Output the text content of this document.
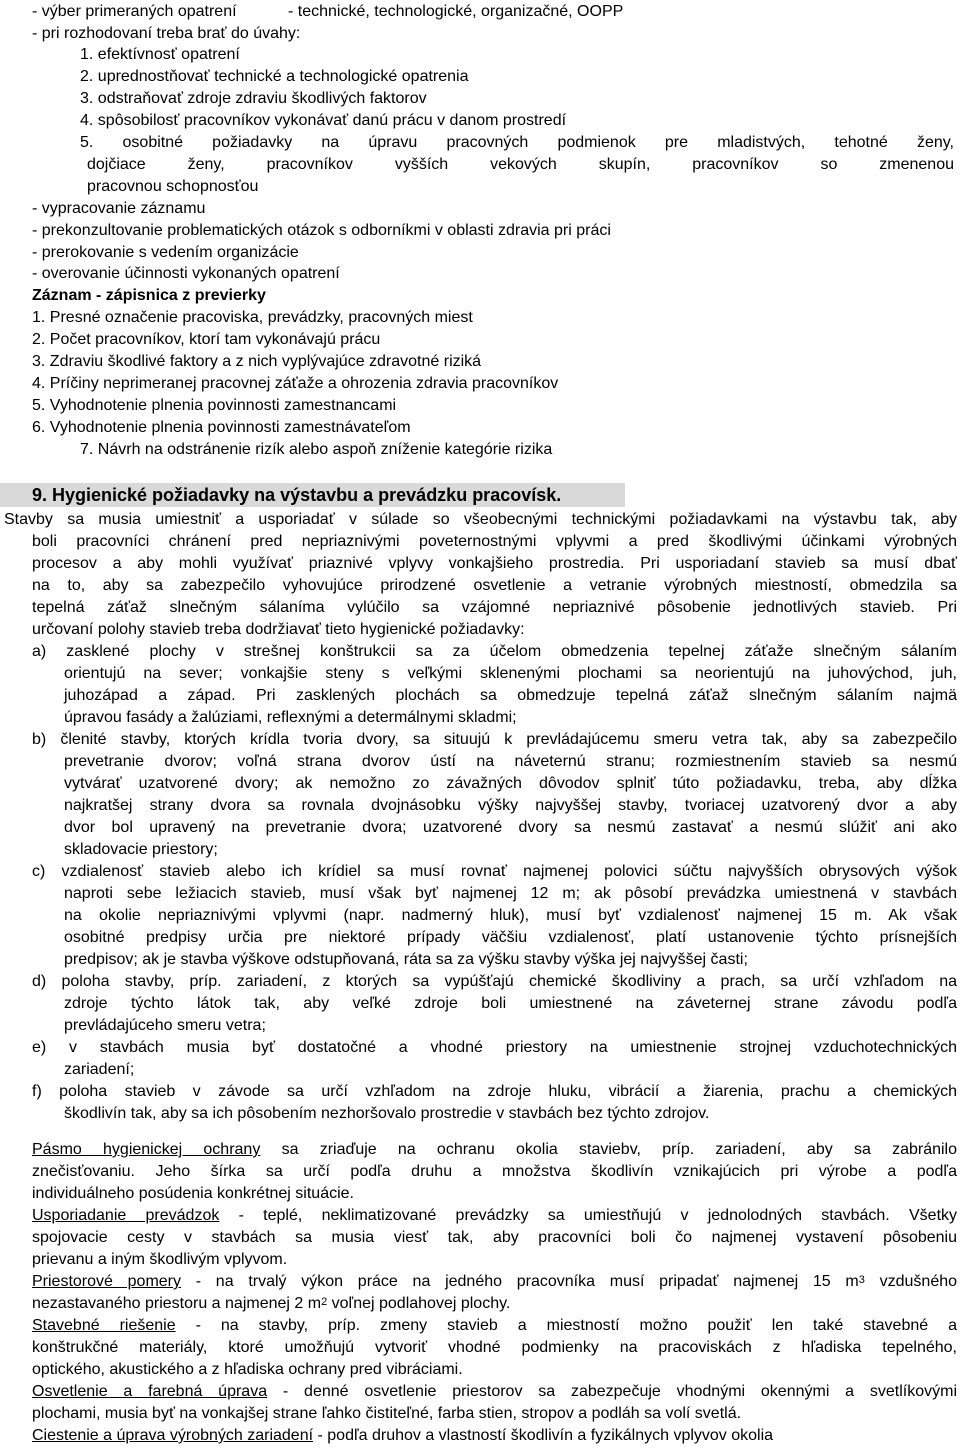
- výber primeraných opatrení	- technické, technologické, organizačné, OOPP
- pri rozhodovaní treba brať do úvahy:
1. efektívnosť opatrení
2. uprednostňovať technické a technologické opatrenia
3. odstraňovať zdroje zdraviu škodlivých faktorov
4. spôsobilosť pracovníkov vykonávať danú prácu v danom prostredí
5. osobitné požiadavky na úpravu pracovných podmienok pre mladistvých, tehotné ženy,
dojčiace ženy, pracovníkov vyšších vekových skupín, pracovníkov so zmenenou
pracovnou schopnosťou
- vypracovanie záznamu
- prekonzultovanie problematických otázok s odborníkmi v oblasti zdravia pri práci
- prerokovanie s vedením organizácie
- overovanie účinnosti vykonaných opatrení
Záznam - zápisnica z previerky
1. Presné označenie pracoviska, prevádzky, pracovných miest
2. Počet pracovníkov, ktorí tam vykonávajú prácu
3. Zdraviu škodlivé faktory a z nich vyplývajúce zdravotné riziká
4. Príčiny neprimeranej pracovnej záťaže a ohrozenia zdravia pracovníkov
5. Vyhodnotenie plnenia povinnosti zamestnancami
6. Vyhodnotenie plnenia povinnosti zamestnávateľom
7. Návrh na odstránenie rizík alebo aspoň zníženie kategórie rizika
9. Hygienické požiadavky na výstavbu a prevádzku pracovísk.
Stavby sa musia umiestniť a usporiadať v súlade so všeobecnými technickými požiadavkami na výstavbu tak, aby
boli pracovníci chránení pred nepriaznivými poveternostnými vplyvmi a pred škodlivými účinkami výrobných
procesov a aby mohli využívať priaznivé vplyvy vonkajšieho prostredia. Pri usporiadaní stavieb sa musí dbať
na to, aby sa zabezpečilo vyhovujúce prirodzené osvetlenie a vetranie výrobných miestností, obmedzila sa
tepelná záťaž slnečným sálaníma vylúčilo sa vzájomné nepriaznivé pôsobenie jednotlivých stavieb. Pri
určovaní polohy stavieb treba dodržiavať tieto hygienické požiadavky:
a) zasklené plochy v strešnej konštrukcii sa za účelom obmedzenia tepelnej záťaže slnečným sálaním
orientujú na sever; vonkajšie steny s veľkými sklenenými plochami sa neorientujú na juhovýchod, juh,
juhozápad a západ. Pri zasklených plochách sa obmedzuje tepelná záťaž slnečným sálaním najmä
úpravou fasády a žalúziami, reflexnými a determálnymi skladmi;
b) členité stavby, ktorých krídla tvoria dvory, sa situujú k prevládajúcemu smeru vetra tak, aby sa zabezpečilo
prevetranie dvorov; voľná strana dvorov ústí na náveternú stranu; rozmiestnením stavieb sa nesmú
vytvárať uzatvorené dvory; ak nemožno zo závažných dôvodov splniť túto požiadavku, treba, aby dĺžka
najkratšej strany dvora sa rovnala dvojnásobku výšky najvyššej stavby, tvoriacej uzatvorený dvor a aby
dvor bol upravený na prevetranie dvora; uzatvorené dvory sa nesmú zastavať a nesmú slúžiť ani ako
skladovacie priestory;
c) vzdialenosť stavieb alebo ich krídiel sa musí rovnať najmenej polovici súčtu najvyšších obrysových výšok
naproti sebe ležiacich stavieb, musí však byť najmenej 12 m; ak pôsobí prevádzka umiestnená v stavbách
na okolie nepriaznivými vplyvmi (napr. nadmerný hluk), musí byť vzdialenosť najmenej 15 m. Ak však
osobitné predpisy určia pre niektoré prípady väčšiu vzdialenosť, platí ustanovenie týchto prísnejších
predpisov; ak je stavba výškove odstupňovaná, ráta sa za výšku stavby výška jej najvyššej časti;
d) poloha stavby, príp. zariadení, z ktorých sa vypúšťajú chemické škodliviny a prach, sa určí vzhľadom na
zdroje týchto látok tak, aby veľké zdroje boli umiestnené na záveternej strane závodu podľa
prevládajúceho smeru vetra;
e) v stavbách musia byť dostatočné a vhodné priestory na umiestnenie strojnej vzduchotechnických
zariadení;
f) poloha stavieb v závode sa určí vzhľadom na zdroje hluku, vibrácií a žiarenia, prachu a chemických
škodlivín tak, aby sa ich pôsobením nezhoršovalo prostredie v stavbách bez týchto zdrojov.
Pásmo hygienickej ochrany sa zriaďuje na ochranu okolia staviebv, príp. zariadení, aby sa zabránilo
znečisťovaniu. Jeho šírka sa určí podľa druhu a množstva škodlivín vznikajúcich pri výrobe a podľa
individuálneho posúdenia konkrétnej situácie.
Usporiadanie prevádzok - teplé, neklimatizované prevádzky sa umiestňujú v jednolodných stavbách. Všetky
spojovacie cesty v stavbách sa musia viesť tak, aby pracovníci boli čo najmenej vystavení pôsobeniu
prievanu a iným škodlivým vplyvom.
Priestorové pomery - na trvalý výkon práce na jedného pracovníka musí pripadať najmenej 15 $m^3$ vzdušného
nezastavaného priestoru a najmenej 2 $m^2$ voľnej podlahovej plochy.
Stavebné riešenie - na stavby, príp. zmeny stavieb a miestností možno použiť len také stavebné a
konštrukčné materiály, ktoré umožňujú vytvoriť vhodné podmienky na pracoviskách z hľadiska tepelného,
optického, akustického a z hľadiska ochrany pred vibráciami.
Osvetlenie a farebná úprava - denné osvetlenie priestorov sa zabezpečuje vhodnými okennými a svetlíkovými
plochami, musia byť na vonkajšej strane ľahko čistiteľné, farba stien, stropov a podláh sa volí svetlá.
Ciestenie a úprava výrobných zariadení - podľa druhov a vlastností škodlivín a fyzikálnych vplyvov okolia
